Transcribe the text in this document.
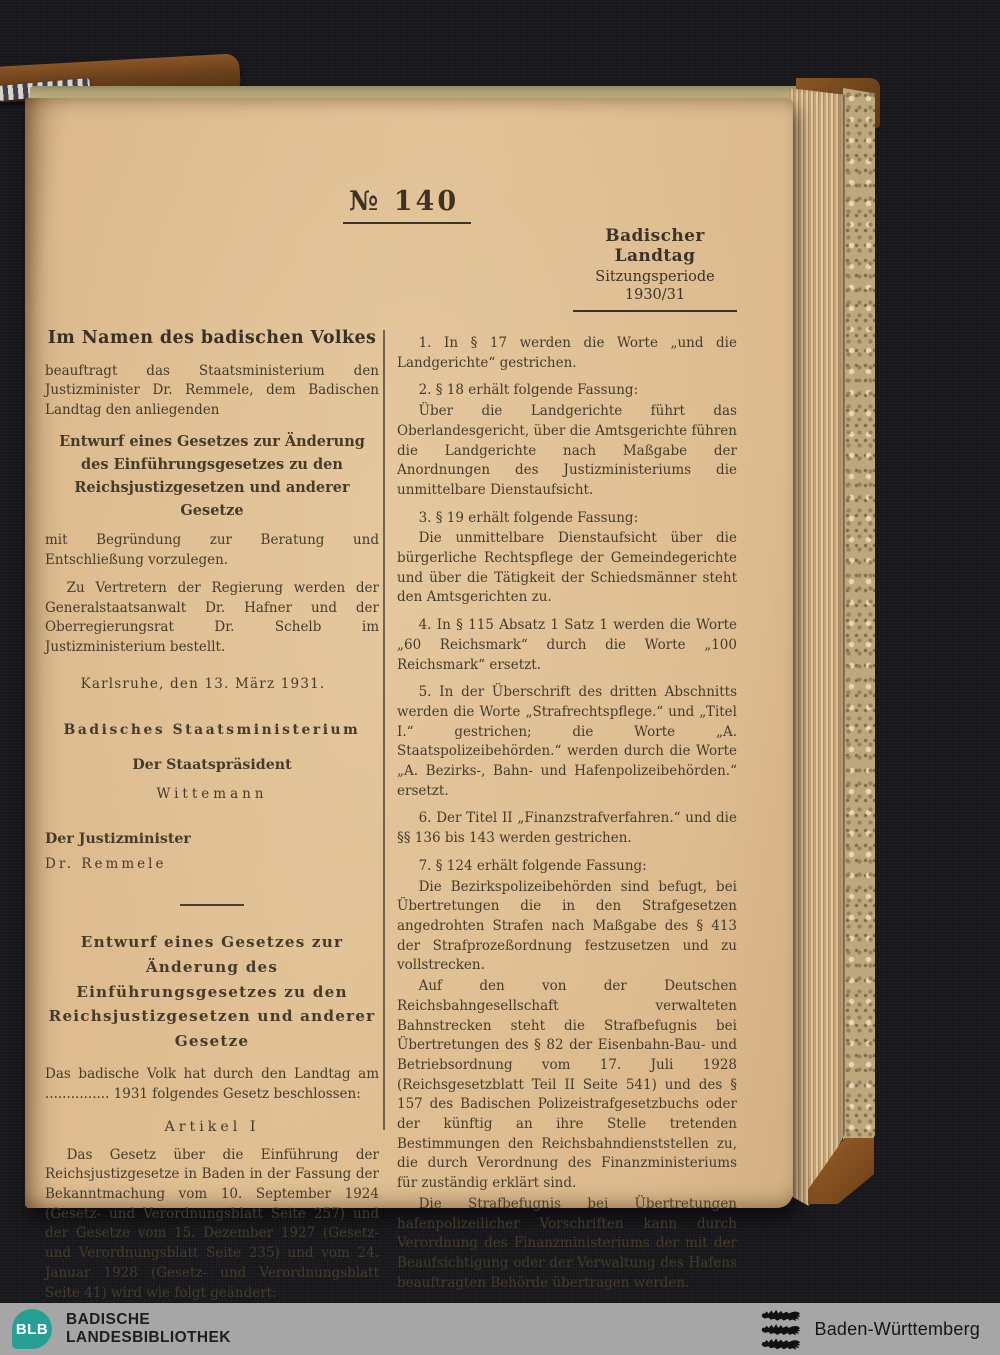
№ 140
Badischer Landtag
Sitzungsperiode
1930/31
Im Namen des badischen Volkes

beauftragt das Staatsministerium den Justizminister Dr. Remmele, dem Badischen Landtag den anliegenden

Entwurf eines Gesetzes zur Änderung des Einführungsgesetzes zu den Reichsjustizgesetzen und anderer Gesetze

mit Begründung zur Beratung und Entschließung vorzulegen.

Zu Vertretern der Regierung werden der Generalstaatsanwalt Dr. Hafner und der Oberregierungsrat Dr. Schelb im Justizministerium bestellt.

Karlsruhe, den 13. März 1931.

Badisches Staatsministerium
Der Staatspräsident
Wittemann
Der Justizminister
Dr. Remmele
Entwurf eines Gesetzes zur Änderung des Einführungsgesetzes zu den Reichsjustizgesetzen und anderer Gesetze

Das badische Volk hat durch den Landtag am ............... 1931 folgendes Gesetz beschlossen:

Artikel I

Das Gesetz über die Einführung der Reichsjustizgesetze in Baden in der Fassung der Bekanntmachung vom 10. September 1924 (Gesetz- und Verordnungsblatt Seite 257) und der Gesetze vom 15. Dezember 1927 (Gesetz- und Verordnungsblatt Seite 235) und vom 24. Januar 1928 (Gesetz- und Verordnungsblatt Seite 41) wird wie folgt geändert:

1. In § 17 werden die Worte „und die Landgerichte“ gestrichen.

2. § 18 erhält folgende Fassung:

Über die Landgerichte führt das Oberlandesgericht, über die Amtsgerichte führen die Landgerichte nach Maßgabe der Anordnungen des Justizministeriums die unmittelbare Dienstaufsicht.

3. § 19 erhält folgende Fassung:

Die unmittelbare Dienstaufsicht über die bürgerliche Rechtspflege der Gemeindegerichte und über die Tätigkeit der Schiedsmänner steht den Amtsgerichten zu.

4. In § 115 Absatz 1 Satz 1 werden die Worte „60 Reichsmark“ durch die Worte „100 Reichsmark“ ersetzt.

5. In der Überschrift des dritten Abschnitts werden die Worte „Strafrechtspflege.“ und „Titel I.“ gestrichen; die Worte „A. Staatspolizeibehörden.“ werden durch die Worte „A. Bezirks-, Bahn- und Hafenpolizeibehörden.“ ersetzt.

6. Der Titel II „Finanzstrafverfahren.“ und die §§ 136 bis 143 werden gestrichen.

7. § 124 erhält folgende Fassung:

Die Bezirkspolizeibehörden sind befugt, bei Übertretungen die in den Strafgesetzen angedrohten Strafen nach Maßgabe des § 413 der Strafprozeßordnung festzusetzen und zu vollstrecken.

Auf den von der Deutschen Reichsbahngesellschaft verwalteten Bahnstrecken steht die Strafbefugnis bei Übertretungen des § 82 der Eisenbahn-Bau- und Betriebsordnung vom 17. Juli 1928 (Reichsgesetzblatt Teil II Seite 541) und des § 157 des Badischen Polizeistrafgesetzbuchs oder der künftig an ihre Stelle tretenden Bestimmungen den Reichsbahndienststellen zu, die durch Verordnung des Finanzministeriums für zuständig erklärt sind.

Die Strafbefugnis bei Übertretungen hafenpolizeilicher Vorschriften kann durch Verordnung des Finanzministeriums der mit der Beaufsichtigung oder der Verwaltung des Hafens beauftragten Behörde übertragen werden.

BLB
BADISCHE
LANDESBIBLIOTHEK	Baden-Württemberg
